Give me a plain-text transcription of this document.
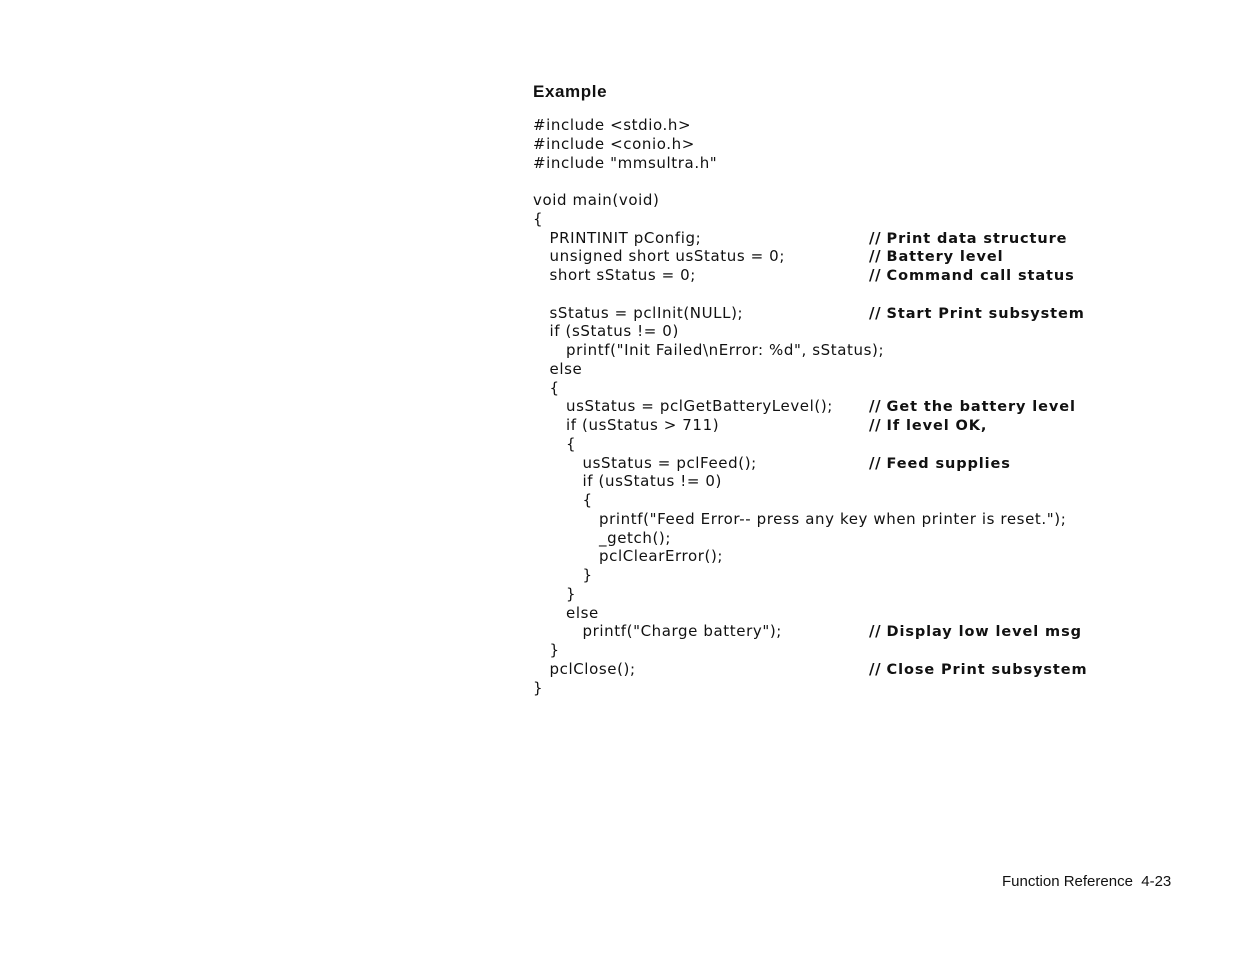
Example
#include <stdio.h>
#include <conio.h>
#include "mmsultra.h"
void main(void)
{
PRINTINIT pConfig;	// Print data structure
unsigned short usStatus = 0;	// Battery level
short sStatus = 0;	// Command call status
sStatus = pclInit(NULL);	// Start Print subsystem
if (sStatus != 0)
printf("Init Failed\nError: %d", sStatus);
else
{
usStatus = pclGetBatteryLevel(); // Get the battery level
if (usStatus > 711)	// If level OK,
{
usStatus = pclFeed();	// Feed supplies
if (usStatus != 0)
{
printf("Feed Error-- press any key when printer is reset.");
_getch();
pclClearError();
}
}
else
printf("Charge battery");	// Display low level msg
}
pclClose();	// Close Print subsystem
}
Function Reference 4-23
